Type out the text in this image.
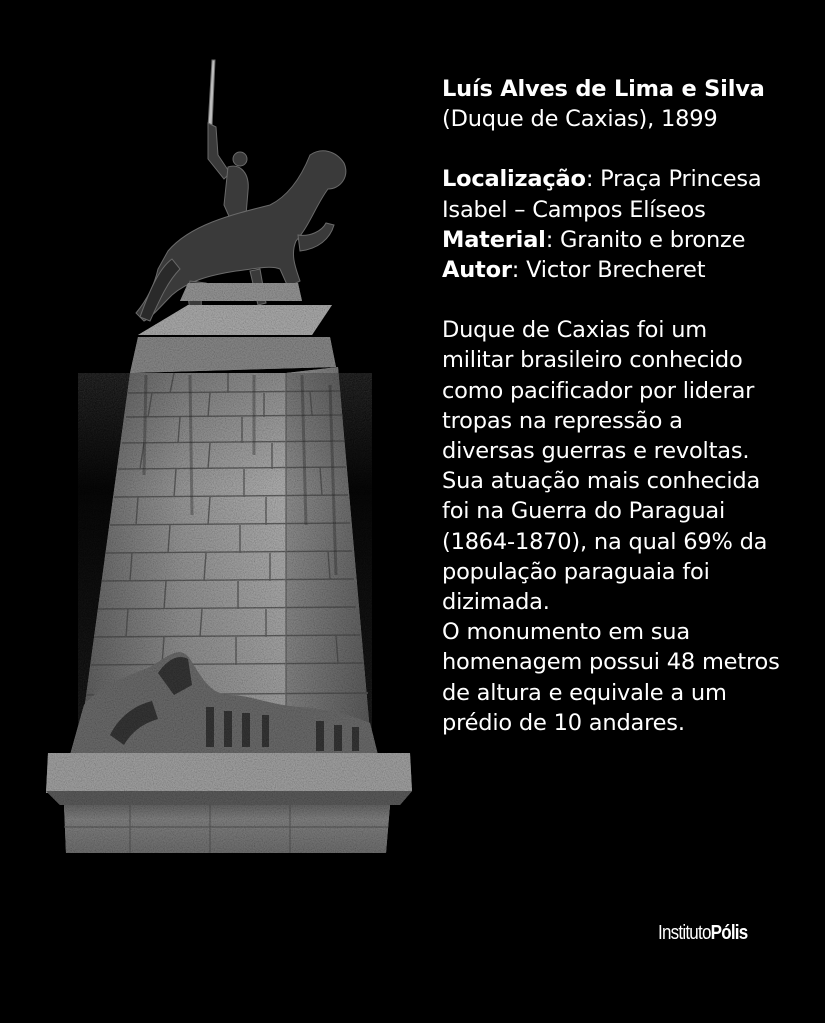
Luís Alves de Lima e Silva
(Duque de Caxias), 1899

Localização: Praça Princesa Isabel – Campos Elíseos
Material: Granito e bronze
Autor: Victor Brecheret

Duque de Caxias foi um militar brasileiro conhecido como pacificador por liderar tropas na repressão a diversas guerras e revoltas. Sua atuação mais conhecida foi na Guerra do Paraguai (1864-1870), na qual 69% da população paraguaia foi dizimada.

O monumento em sua homenagem possui 48 metros de altura e equivale a um prédio de 10 andares.

InstitutoPólis
